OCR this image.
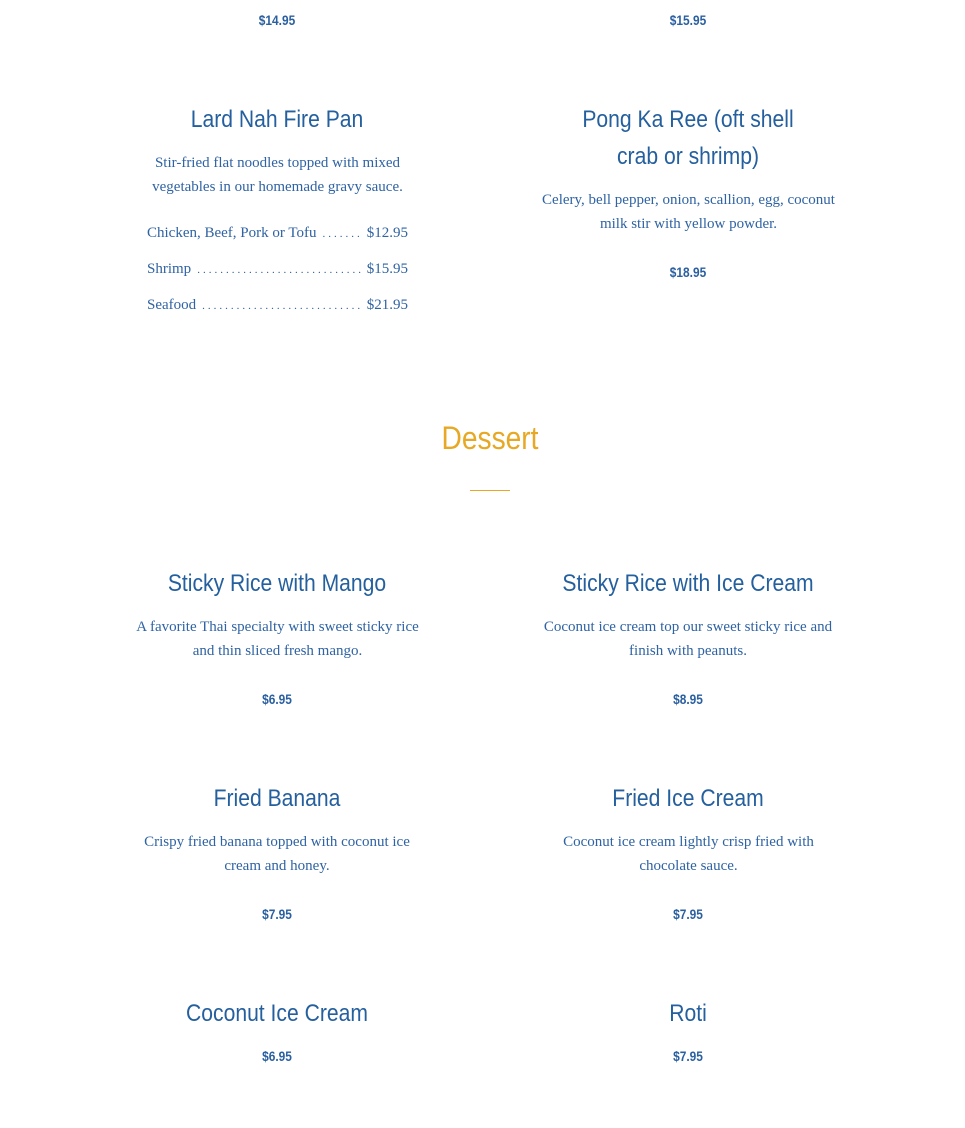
$14.95	$15.95
Lard Nah Fire Pan
Stir-fried flat noodles topped with mixed vegetables in our homemade gravy sauce.
Chicken, Beef, Pork or Tofu .....	$12.95
Shrimp .....	$15.95
Seafood .....	$21.95
Pong Ka Ree (oft shell crab or shrimp)
Celery, bell pepper, onion, scallion, egg, coconut milk stir with yellow powder.
$18.95
Dessert
Sticky Rice with Mango
A favorite Thai specialty with sweet sticky rice and thin sliced fresh mango.
$6.95
Sticky Rice with Ice Cream
Coconut ice cream top our sweet sticky rice and finish with peanuts.
$8.95
Fried Banana
Crispy fried banana topped with coconut ice cream and honey.
$7.95
Fried Ice Cream
Coconut ice cream lightly crisp fried with chocolate sauce.
$7.95
Coconut Ice Cream
$6.95
Roti
$7.95
